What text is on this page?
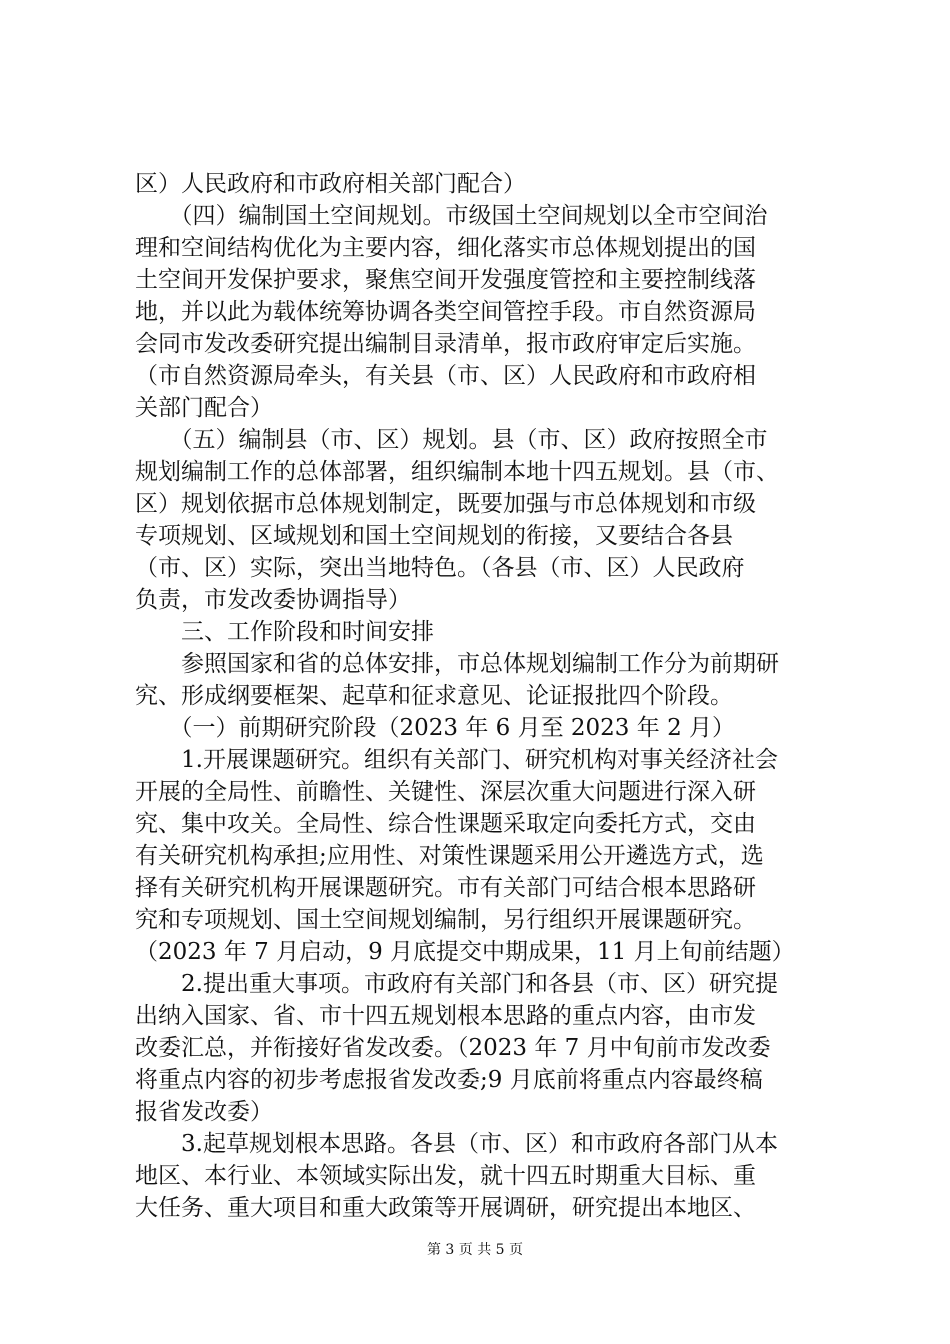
区）人民政府和市政府相关部门配合）
　　（四）编制国土空间规划。市级国土空间规划以全市空间治
理和空间结构优化为主要内容，细化落实市总体规划提出的国
土空间开发保护要求，聚焦空间开发强度管控和主要控制线落
地，并以此为载体统筹协调各类空间管控手段。市自然资源局
会同市发改委研究提出编制目录清单，报市政府审定后实施。
（市自然资源局牵头，有关县（市、区）人民政府和市政府相
关部门配合）
　　（五）编制县（市、区）规划。县（市、区）政府按照全市
规划编制工作的总体部署，组织编制本地十四五规划。县（市、
区）规划依据市总体规划制定，既要加强与市总体规划和市级
专项规划、区域规划和国土空间规划的衔接，又要结合各县
（市、区）实际，突出当地特色。（各县（市、区）人民政府
负责，市发改委协调指导）
　　三、工作阶段和时间安排
　　参照国家和省的总体安排，市总体规划编制工作分为前期研
究、形成纲要框架、起草和征求意见、论证报批四个阶段。
　　（一）前期研究阶段（2023 年 6 月至 2023 年 2 月）
　　1.开展课题研究。组织有关部门、研究机构对事关经济社会
开展的全局性、前瞻性、关键性、深层次重大问题进行深入研
究、集中攻关。全局性、综合性课题采取定向委托方式，交由
有关研究机构承担;应用性、对策性课题采用公开遴选方式，选
择有关研究机构开展课题研究。市有关部门可结合根本思路研
究和专项规划、国土空间规划编制，另行组织开展课题研究。
（2023 年 7 月启动，9 月底提交中期成果，11 月上旬前结题）
　　2.提出重大事项。市政府有关部门和各县（市、区）研究提
出纳入国家、省、市十四五规划根本思路的重点内容，由市发
改委汇总，并衔接好省发改委。（2023 年 7 月中旬前市发改委
将重点内容的初步考虑报省发改委;9 月底前将重点内容最终稿
报省发改委）
　　3.起草规划根本思路。各县（市、区）和市政府各部门从本
地区、本行业、本领域实际出发，就十四五时期重大目标、重
大任务、重大项目和重大政策等开展调研，研究提出本地区、
第 3 页 共 5 页
